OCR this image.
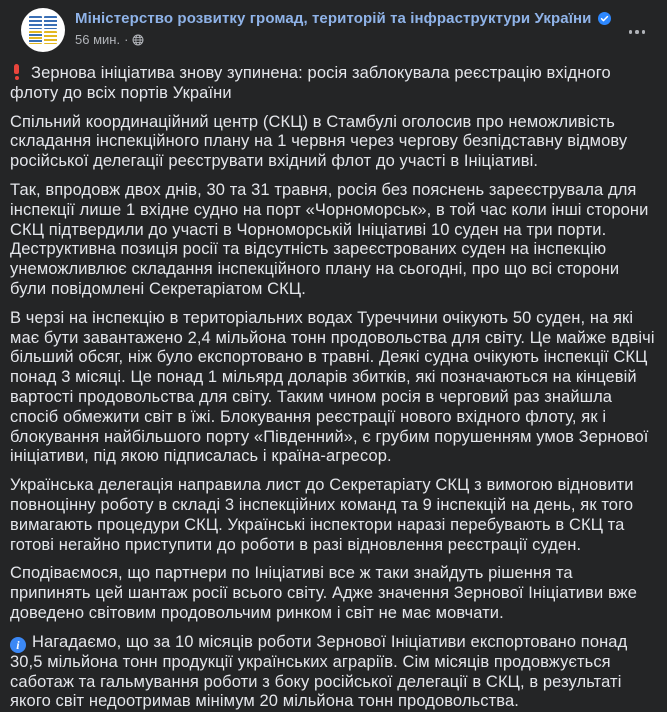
Міністерство розвитку громад, територій та інфраструктури України
56 мин. ·

Зернова ініціатива знову зупинена: росія заблокувала реєстрацію вхідного флоту до всіх портів України

Спільний координаційний центр (СКЦ) в Стамбулі оголосив про неможливість складання інспекційного плану на 1 червня через чергову безпідставну відмову російської делегації реєструвати вхідний флот до участі в Ініціативі.

Так, впродовж двох днів, 30 та 31 травня, росія без пояснень зареєструвала для інспекції лише 1 вхідне судно на порт «Чорноморськ», в той час коли інші сторони СКЦ підтвердили до участі в Чорноморській Ініціативі 10 суден на три порти. Деструктивна позиція росії та відсутність зареєстрованих суден на інспекцію унеможливлює складання інспекційного плану на сьогодні, про що всі сторони були повідомлені Секретаріатом СКЦ.

В черзі на інспекцію в територіальних водах Туреччини очікують 50 суден, на які має бути завантажено 2,4 мільйона тонн продовольства для світу. Це майже вдвічі більший обсяг, ніж було експортовано в травні. Деякі судна очікують інспекції СКЦ понад 3 місяці. Це понад 1 мільярд доларів збитків, які позначаються на кінцевій вартості продовольства для світу. Таким чином росія в черговий раз знайшла спосіб обмежити світ в їжі. Блокування реєстрації нового вхідного флоту, як і блокування найбільшого порту «Південний», є грубим порушенням умов Зернової ініціативи, під якою підписалась і країна-агресор.

Українська делегація направила лист до Секретаріату СКЦ з вимогою відновити повноцінну роботу в складі 3 інспекційних команд та 9 інспекцій на день, як того вимагають процедури СКЦ. Українські інспектори наразі перебувають в СКЦ та готові негайно приступити до роботи в разі відновлення реєстрації суден.

Сподіваємося, що партнери по Ініціативі все ж таки знайдуть рішення та припинять цей шантаж росії всього світу. Адже значення Зернової Ініціативи вже доведено світовим продовольчим ринком і світ не має мовчати.

i Нагадаємо, що за 10 місяців роботи Зернової Ініціативи експортовано понад 30,5 мільйона тонн продукції українських аграріїв. Сім місяців продовжується саботаж та гальмування роботи з боку російської делегації в СКЦ, в результаті якого світ недоотримав мінімум 20 мільйона тонн продовольства.
